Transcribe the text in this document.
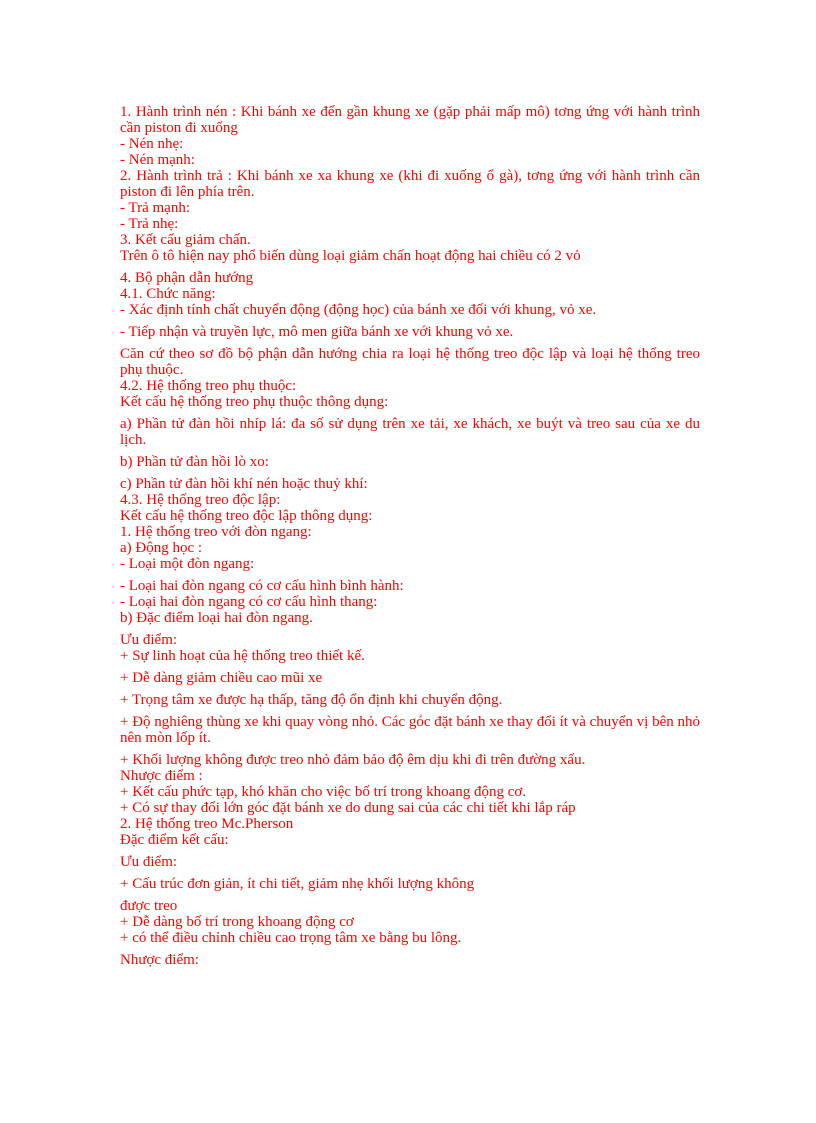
1. Hành trình nén : Khi bánh xe đến gần khung xe (gặp phải mấp mô) tơng ứng với hành trình cần piston đi xuống

- Nén nhẹ:

- Nén mạnh:

2. Hành trình trả : Khi bánh xe xa khung xe (khi đi xuống ổ gà), tơng ứng với hành trình cần piston đi lên phía trên.

- Trả mạnh:

- Trả nhẹ:

3. Kết cấu giảm chấn.

Trên ô tô hiện nay phổ biến dùng loại giảm chấn hoạt động hai chiều có 2 vỏ

4. Bộ phận dẫn hướng

4.1. Chức năng:

- Xác định tính chất chuyển động (động học) của bánh xe đối với khung, vỏ xe.

- Tiếp nhận và truyền lực, mô men giữa bánh xe với khung vỏ xe.

Căn cứ theo sơ đồ bộ phận dẫn hướng chia ra loại hệ thống treo độc lập và loại hệ thống treo phụ thuộc.

4.2. Hệ thống treo phụ thuộc:

Kết cấu hệ thống treo phụ thuộc thông dụng:

a) Phần tử đàn hồi nhíp lá: đa số sử dụng trên xe tải, xe khách, xe buýt và treo sau của xe du lịch.

b) Phần tử đàn hồi lò xo:

c) Phần tử đàn hồi khí nén hoặc thuỷ khí:

4.3. Hệ thống treo độc lập:

Kết cấu hệ thống treo độc lập thông dụng:

1. Hệ thống treo với đòn ngang:

a) Động học :

- Loại một đòn ngang:

- Loại hai đòn ngang có cơ cấu hình bình hành:

- Loại hai đòn ngang có cơ cấu hình thang:

b) Đặc điểm loại hai đòn ngang.

Ưu điểm:

+ Sự linh hoạt của hệ thống treo thiết kế.

+ Dễ dàng giảm chiều cao mũi xe

+ Trọng tâm xe được hạ thấp, tăng độ ổn định khi chuyển động.

+ Độ nghiêng thùng xe khi quay vòng nhỏ. Các góc đặt bánh xe thay đổi ít và chuyển vị bên nhỏ nên mòn lốp ít.

+ Khối lượng không được treo nhỏ đảm bảo độ êm dịu khi đi trên đường xấu.

Nhược điểm :

+ Kết cấu phức tạp, khó khăn cho việc bố trí trong khoang động cơ.

+ Có sự thay đổi lớn góc đặt bánh xe do dung sai của các chi tiết khi lắp ráp

2. Hệ thống treo Mc.Pherson

Đặc điểm kết cấu:

Ưu điểm:

+ Cấu trúc đơn giản, ít chi tiết, giảm nhẹ khối lượng không

được treo

+ Dễ dàng bố trí trong khoang động cơ

+ có thể điều chỉnh chiều cao trọng tâm xe bằng bu lông.

Nhược điểm:
